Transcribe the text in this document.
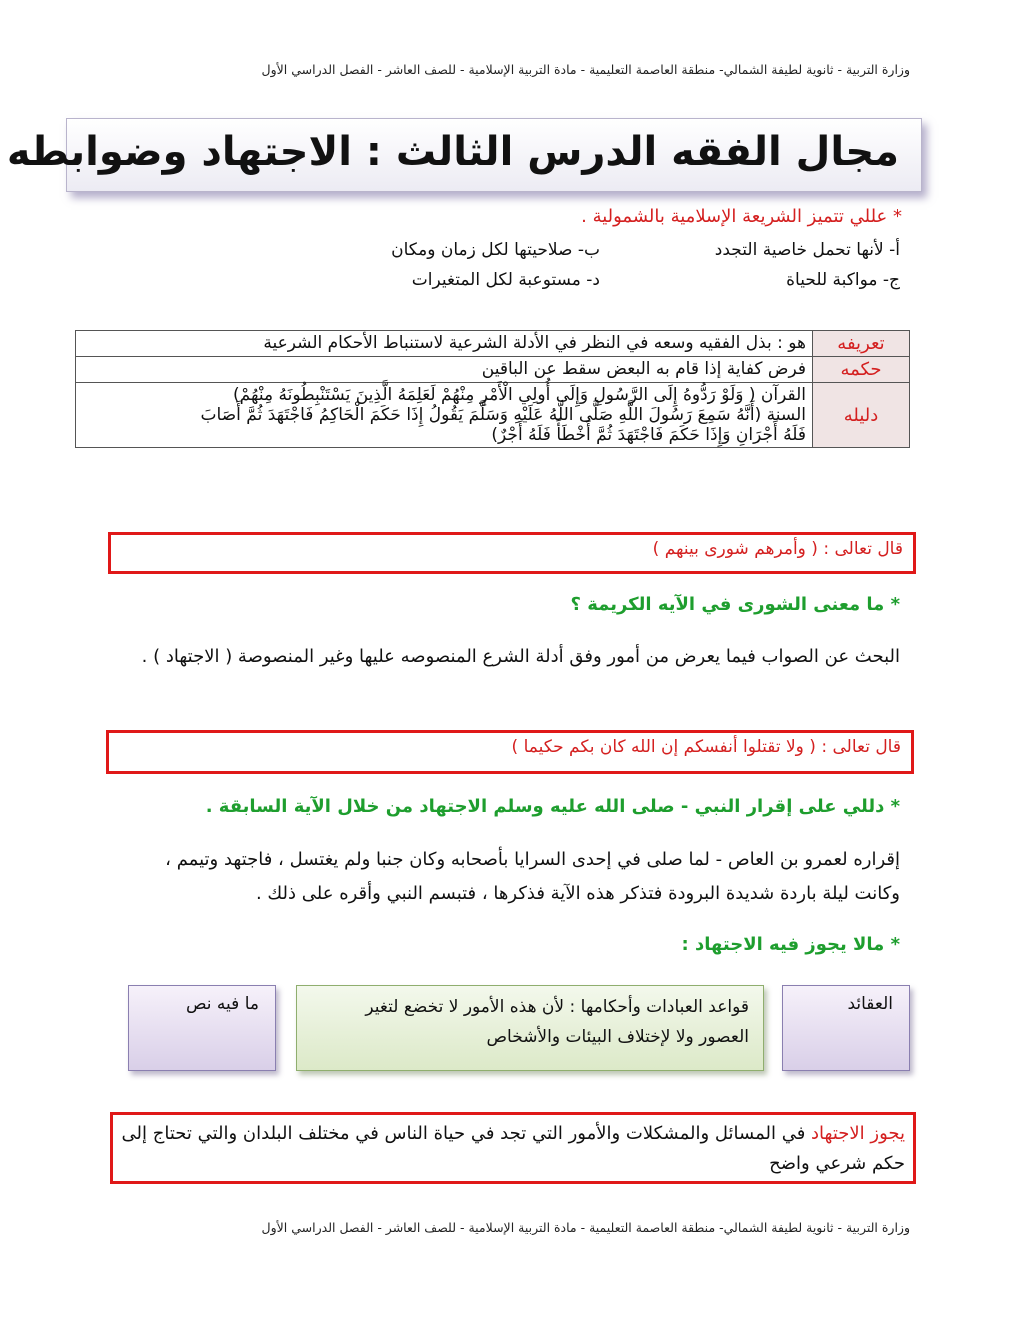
وزارة التربية - ثانوية لطيفة الشمالي- منطقة العاصمة التعليمية - مادة التربية الإسلامية - للصف العاشر - الفصل الدراسي الأول
مجال الفقه الدرس الثالث : الاجتهاد وضوابطه
* عللي تتميز الشريعة الإسلامية بالشمولية .
أ- لأنها تحمل خاصية التجدد
ب- صلاحيتها لكل زمان ومكان
ج- مواكبة للحياة
د- مستوعبة لكل المتغيرات
تعريفه	هو : بذل الفقيه وسعه في النظر في الأدلة الشرعية لاستنباط الأحكام الشرعية
حكمه	فرض كفاية إذا قام به البعض سقط عن الباقين
دليله	القرآن ( وَلَوْ رَدُّوهُ إِلَى الرَّسُولِ وَإِلَى أُولِي الْأَمْرِ مِنْهُمْ لَعَلِمَهُ الَّذِينَ يَسْتَنْبِطُونَهُ مِنْهُمْ)
السنة (أَنَّهُ سَمِعَ رَسُولَ اللَّهِ صَلَّى اللَّهُ عَلَيْهِ وَسَلَّمَ يَقُولُ إِذَا حَكَمَ الْحَاكِمُ فَاجْتَهَدَ ثُمَّ أَصَابَ
فَلَهُ أَجْرَانِ وَإِذَا حَكَمَ فَاجْتَهَدَ ثُمَّ أَخْطَأَ فَلَهُ أَجْرٌ)
قال تعالى : ( وأمرهم شورى بينهم )
* ما معنى الشورى في الآيه الكريمة ؟
البحث عن الصواب فيما يعرض من أمور وفق أدلة الشرع المنصوصه عليها وغير المنصوصة ( الاجتهاد ) .
قال تعالى : ( ولا تقتلوا أنفسكم إن الله كان بكم حكيما )
* دللي على إقرار النبي - صلى الله عليه وسلم الاجتهاد من خلال الآية السابقة .
إقراره لعمرو بن العاص - لما صلى في إحدى السرايا بأصحابه وكان جنبا ولم يغتسل ، فاجتهد وتيمم ، وكانت ليلة باردة شديدة البرودة فتذكر هذه الآية فذكرها ، فتبسم النبي وأقره على ذلك .
* مالا يجوز فيه الاجتهاد :
العقائد
قواعد العبادات وأحكامها : لأن هذه الأمور لا تخضع لتغير العصور ولا لإختلاف البيئات والأشخاص
ما فيه نص
يجوز الاجتهاد في المسائل والمشكلات والأمور التي تجد في حياة الناس في مختلف البلدان والتي تحتاج إلى حكم شرعي واضح
وزارة التربية - ثانوية لطيفة الشمالي- منطقة العاصمة التعليمية - مادة التربية الإسلامية - للصف العاشر - الفصل الدراسي الأول
